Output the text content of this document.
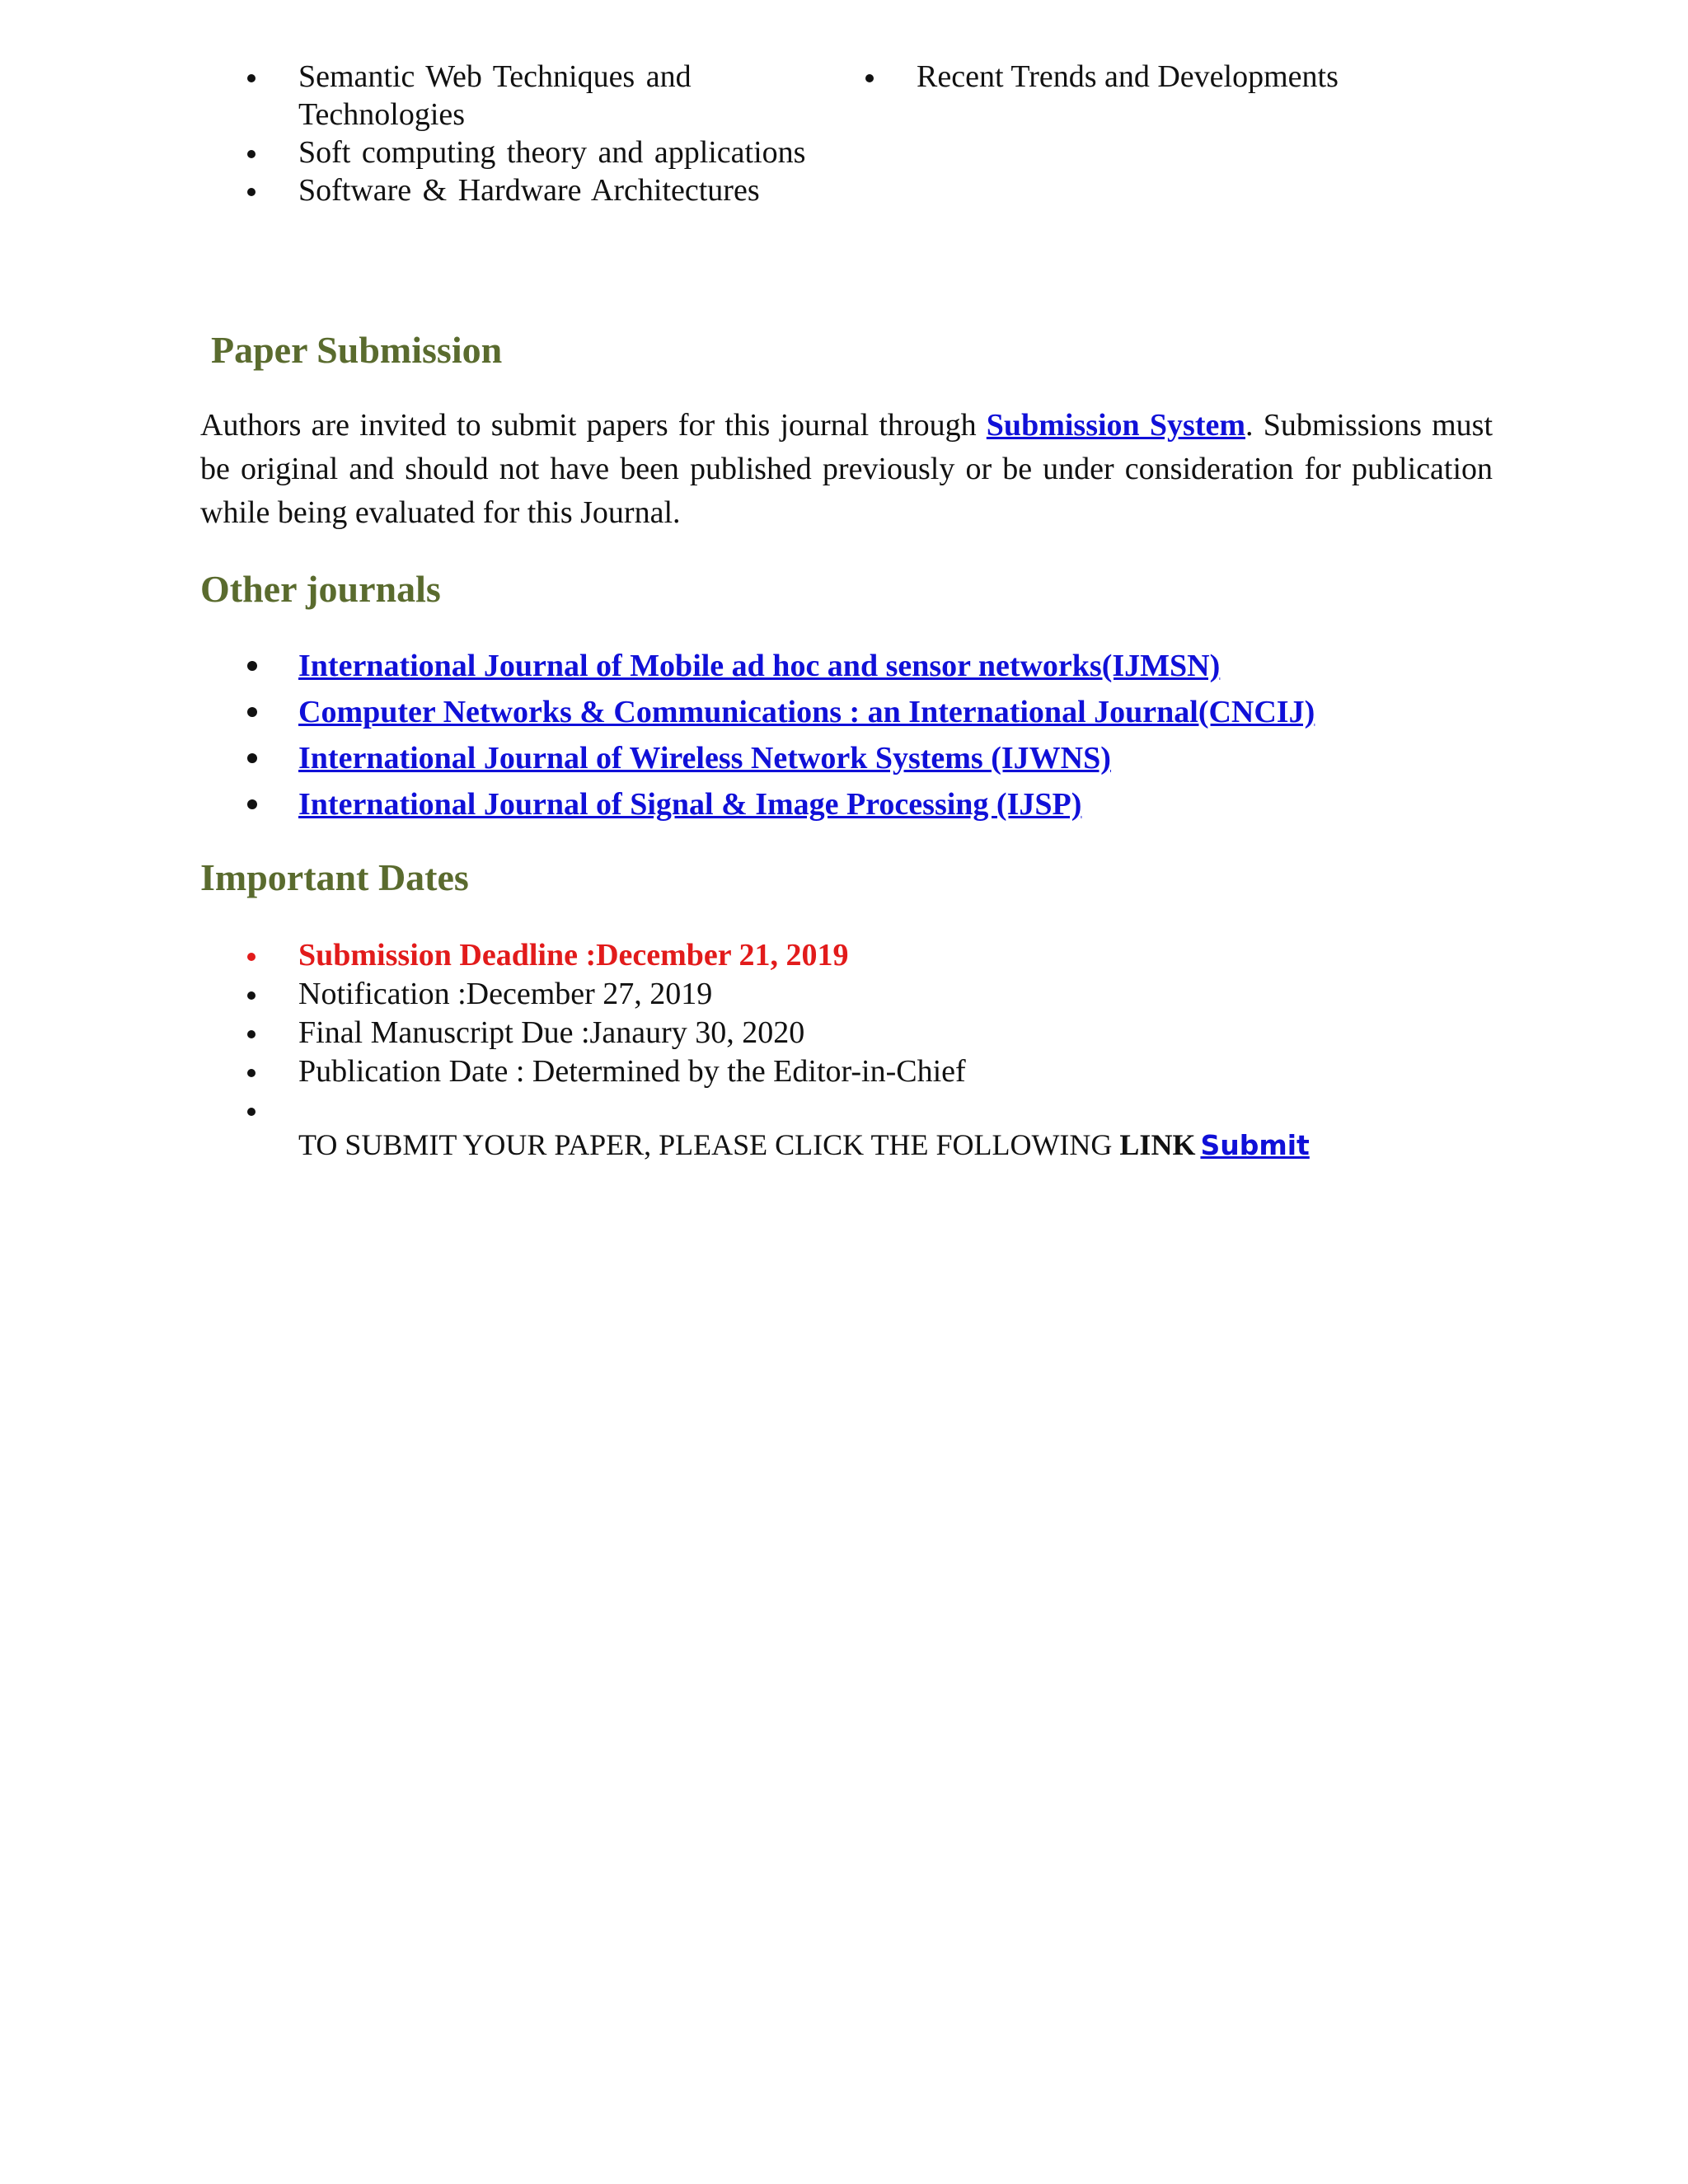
Semantic Web Techniques and Technologies
Soft computing theory and applications
Software & Hardware Architectures
Recent Trends and Developments
Paper Submission

Authors are invited to submit papers for this journal through Submission System. Submissions must be original and should not have been published previously or be under consideration for publication while being evaluated for this Journal.

Other journals
International Journal of Mobile ad hoc and sensor networks(IJMSN)
Computer Networks & Communications : an International Journal(CNCIJ)
International Journal of Wireless Network Systems (IJWNS)
International Journal of Signal & Image Processing (IJSP)
Important Dates
Submission Deadline :December 21, 2019
Notification :December 27, 2019
Final Manuscript Due :Janaury 30, 2020
Publication Date : Determined by the Editor-in-Chief
TO SUBMIT YOUR PAPER, PLEASE CLICK THE FOLLOWING LINK Submit
